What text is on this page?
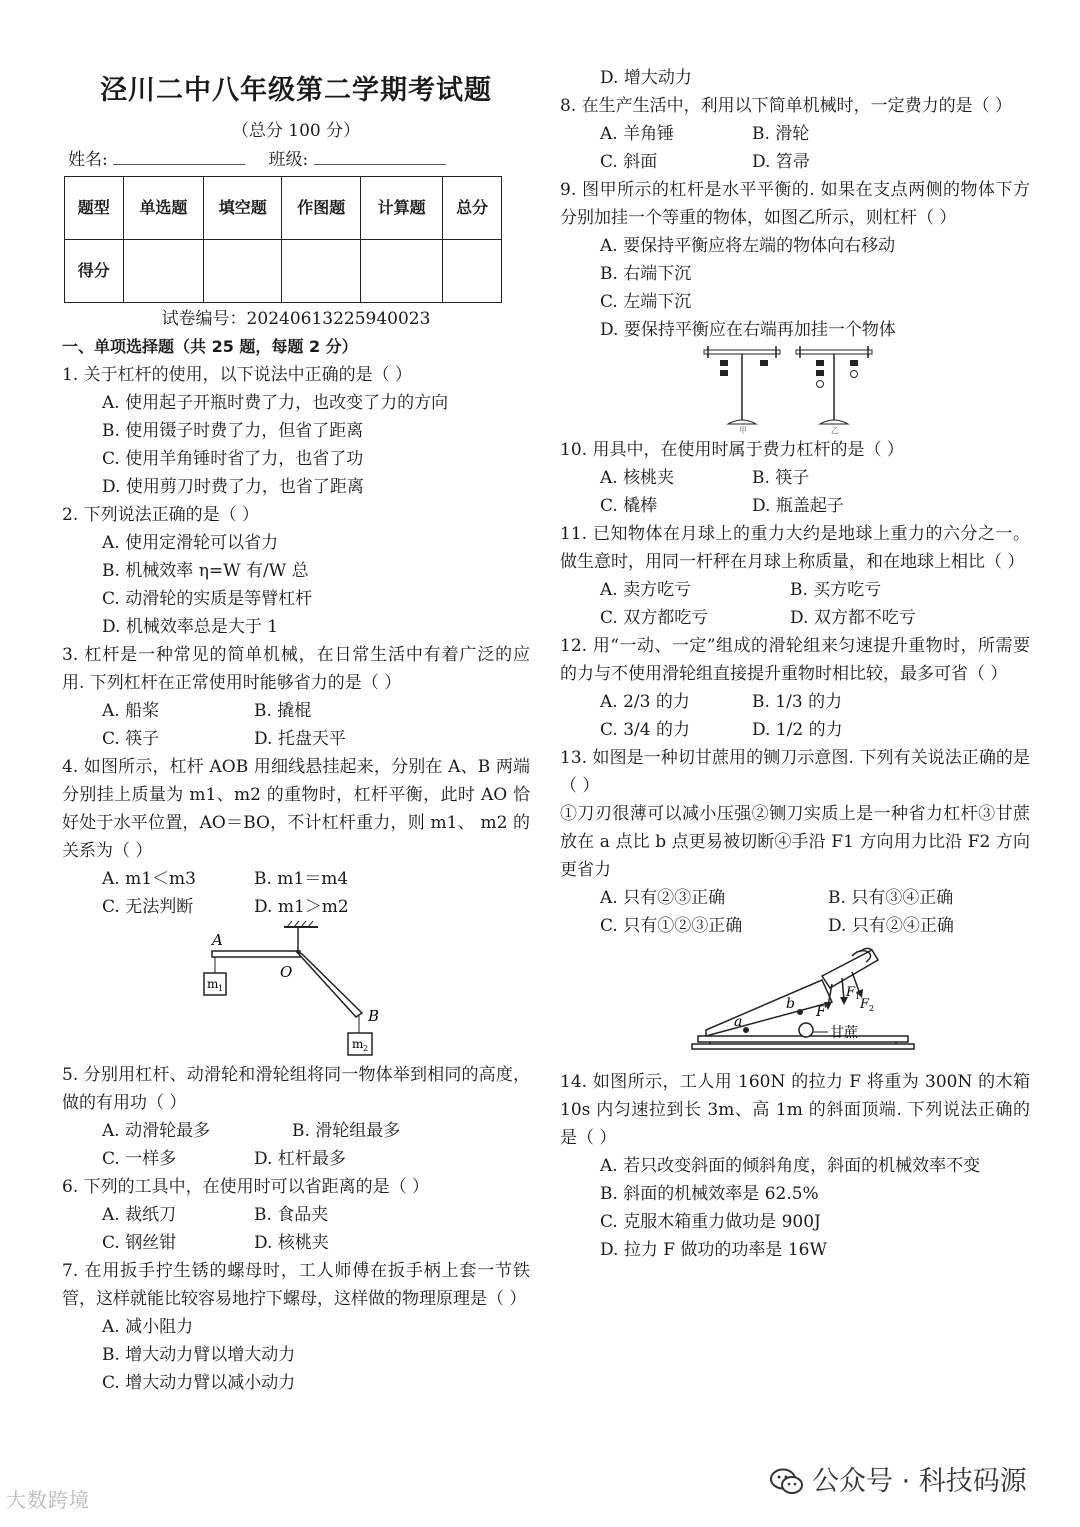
泾川二中八年级第二学期考试题
（总分 100 分）
姓名:	班级:
题型	单选题	填空题	作图题	计算题	总分
得分					
试卷编号：20240613225940023
一、单项选择题（共 25 题，每题 2 分）
1. 关于杠杆的使用，以下说法中正确的是（ ）
A. 使用起子开瓶时费了力，也改变了力的方向
B. 使用镊子时费了力，但省了距离
C. 使用羊角锤时省了力，也省了功
D. 使用剪刀时费了力，也省了距离
2. 下列说法正确的是（ ）
A. 使用定滑轮可以省力
B. 机械效率 η=W 有/W 总
C. 动滑轮的实质是等臂杠杆
D. 机械效率总是大于 1
3. 杠杆是一种常见的简单机械，在日常生活中有着广泛的应用. 下列杠杆在正常使用时能够省力的是（ ）
A. 船桨	B. 撬棍
C. 筷子	D. 托盘天平
4. 如图所示，杠杆 AOB 用细线悬挂起来，分别在 A、B 两端分别挂上质量为 m1、m2 的重物时，杠杆平衡，此时 AO 恰好处于水平位置，AO＝BO，不计杠杆重力，则 m1、 m2 的关系为（ ）
A. m1＜m3	B. m1＝m4
C. 无法判断	D. m1＞m2
A
O
B
m 1
m 2
5. 分别用杠杆、动滑轮和滑轮组将同一物体举到相同的高度，做的有用功（ ）
A. 动滑轮最多	B. 滑轮组最多
C. 一样多	D. 杠杆最多
6. 下列的工具中，在使用时可以省距离的是（ ）
A. 裁纸刀	B. 食品夹
C. 钢丝钳	D. 核桃夹
7. 在用扳手拧生锈的螺母时，工人师傅在扳手柄上套一节铁管，这样就能比较容易地拧下螺母，这样做的物理原理是（ ）
A. 减小阻力
B. 增大动力臂以增大动力
C. 增大动力臂以减小动力
D. 增大动力
8. 在生产生活中，利用以下简单机械时，一定费力的是（ ）
A. 羊角锤	B. 滑轮
C. 斜面	D. 笤帚
9. 图甲所示的杠杆是水平平衡的. 如果在支点两侧的物体下方分别加挂一个等重的物体，如图乙所示，则杠杆（ ）
A. 要保持平衡应将左端的物体向右移动
B. 右端下沉
C. 左端下沉
D. 要保持平衡应在右端再加挂一个物体
甲	乙
10. 用具中，在使用时属于费力杠杆的是（ ）
A. 核桃夹	B. 筷子
C. 橇棒	D. 瓶盖起子
11. 已知物体在月球上的重力大约是地球上重力的六分之一。做生意时，用同一杆秤在月球上称质量，和在地球上相比（ ）
A. 卖方吃亏	B. 买方吃亏
C. 双方都吃亏	D. 双方都不吃亏
12. 用“一动、一定”组成的滑轮组来匀速提升重物时，所需要的力与不使用滑轮组直接提升重物时相比较，最多可省（ ）
A. 2/3 的力	B. 1/3 的力
C. 3/4 的力	D. 1/2 的力
13. 如图是一种切甘蔗用的铡刀示意图. 下列有关说法正确的是（ ）
①刀刃很薄可以减小压强②铡刀实质上是一种省力杠杆③甘蔗放在 a 点比 b 点更易被切断④手沿 F1 方向用力比沿 F2 方向更省力
A. 只有②③正确	B. 只有③④正确
C. 只有①②③正确	D. 只有②④正确
a
b F
F 1
F 2
甘蔗
14. 如图所示，工人用 160N 的拉力 F 将重为 300N 的木箱 10s 内匀速拉到长 3m、高 1m 的斜面顶端. 下列说法正确的是（ ）
A. 若只改变斜面的倾斜角度，斜面的机械效率不变
B. 斜面的机械效率是 62.5%
C. 克服木箱重力做功是 900J
D. 拉力 F 做功的功率是 16W
大数跨境
公众号 · 科技码源
